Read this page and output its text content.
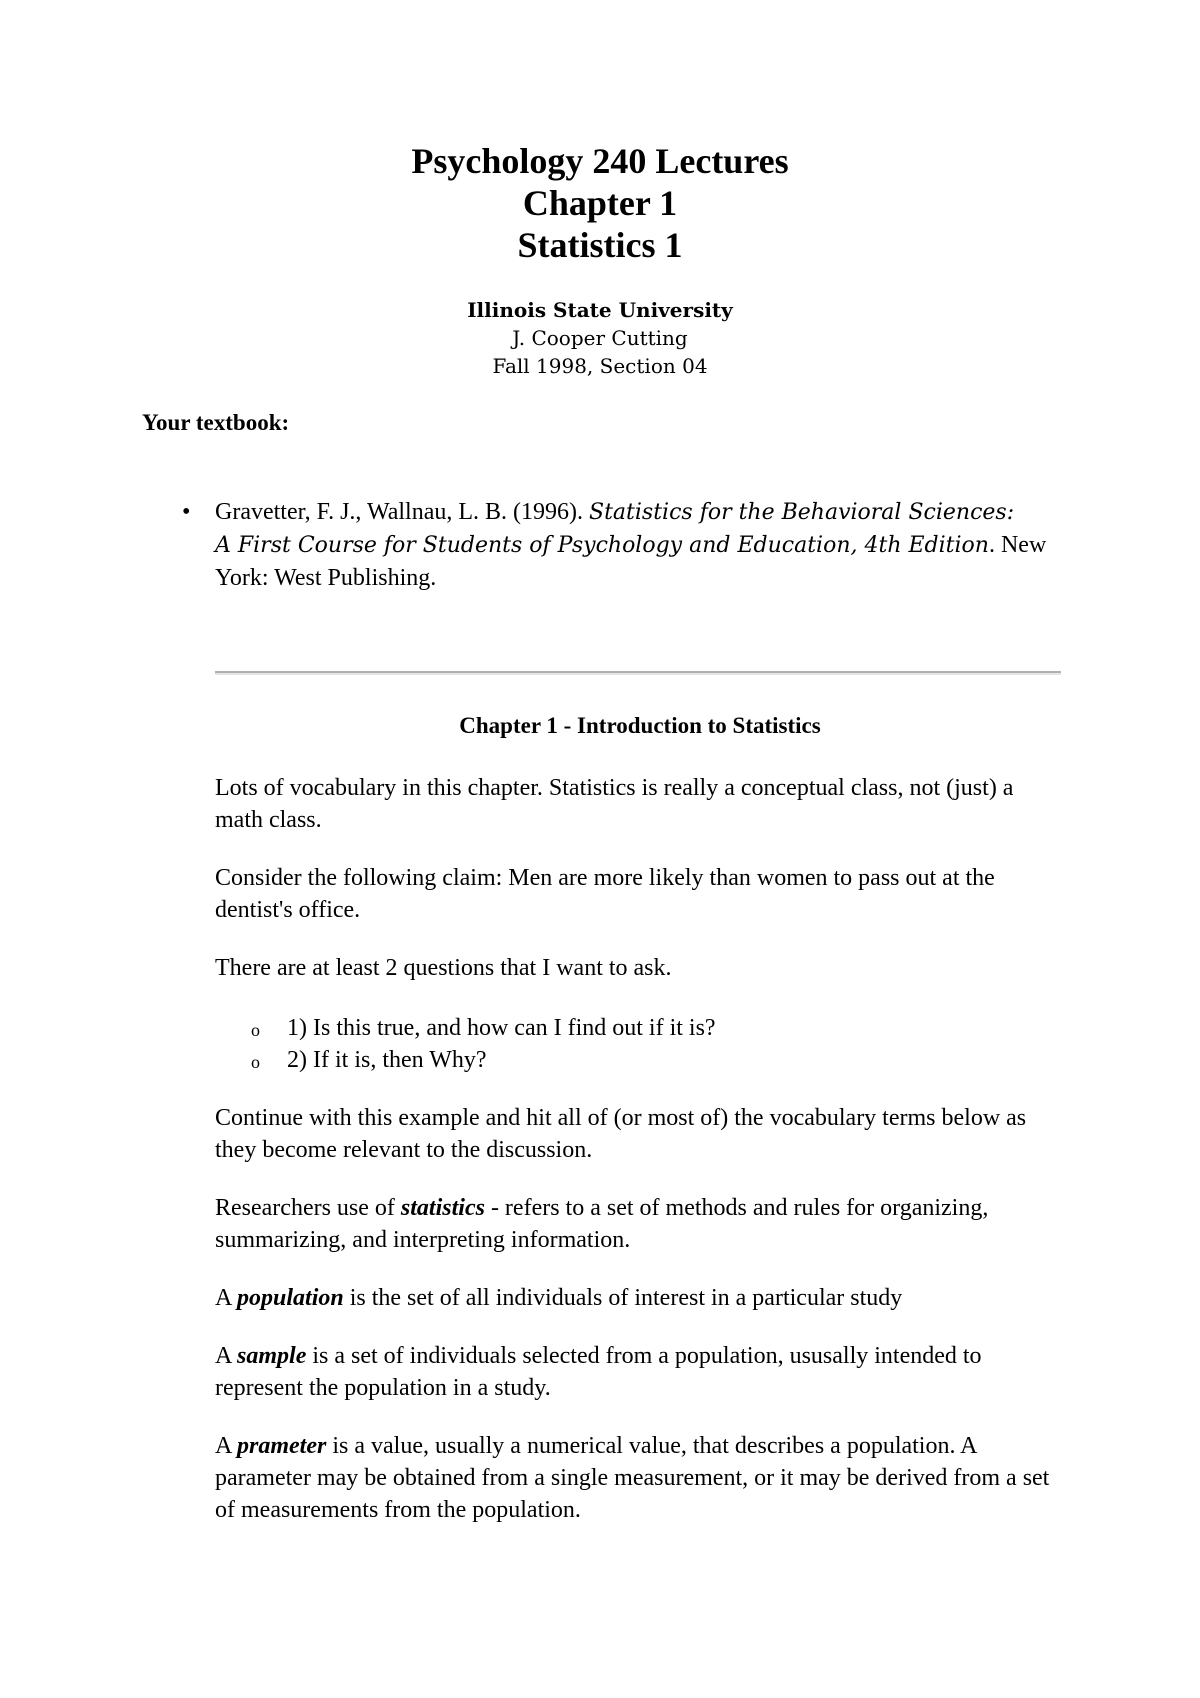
Psychology 240 Lectures
Chapter 1
Statistics 1
Illinois State University
J. Cooper Cutting
Fall 1998, Section 04
Your textbook:
• Gravetter, F. J., Wallnau, L. B. (1996). Statistics for the Behavioral Sciences:
A First Course for Students of Psychology and Education, 4th Edition. New York: West Publishing.
Chapter 1 - Introduction to Statistics
Lots of vocabulary in this chapter. Statistics is really a conceptual class, not (just) a math class.
Consider the following claim: Men are more likely than women to pass out at the dentist's office.
There are at least 2 questions that I want to ask.
o 1) Is this true, and how can I find out if it is?
o 2) If it is, then Why?
Continue with this example and hit all of (or most of) the vocabulary terms below as they become relevant to the discussion.
Researchers use of statistics - refers to a set of methods and rules for organizing, summarizing, and interpreting information.
A population is the set of all individuals of interest in a particular study
A sample is a set of individuals selected from a population, ususally intended to represent the population in a study.
A prameter is a value, usually a numerical value, that describes a population. A parameter may be obtained from a single measurement, or it may be derived from a set of measurements from the population.
